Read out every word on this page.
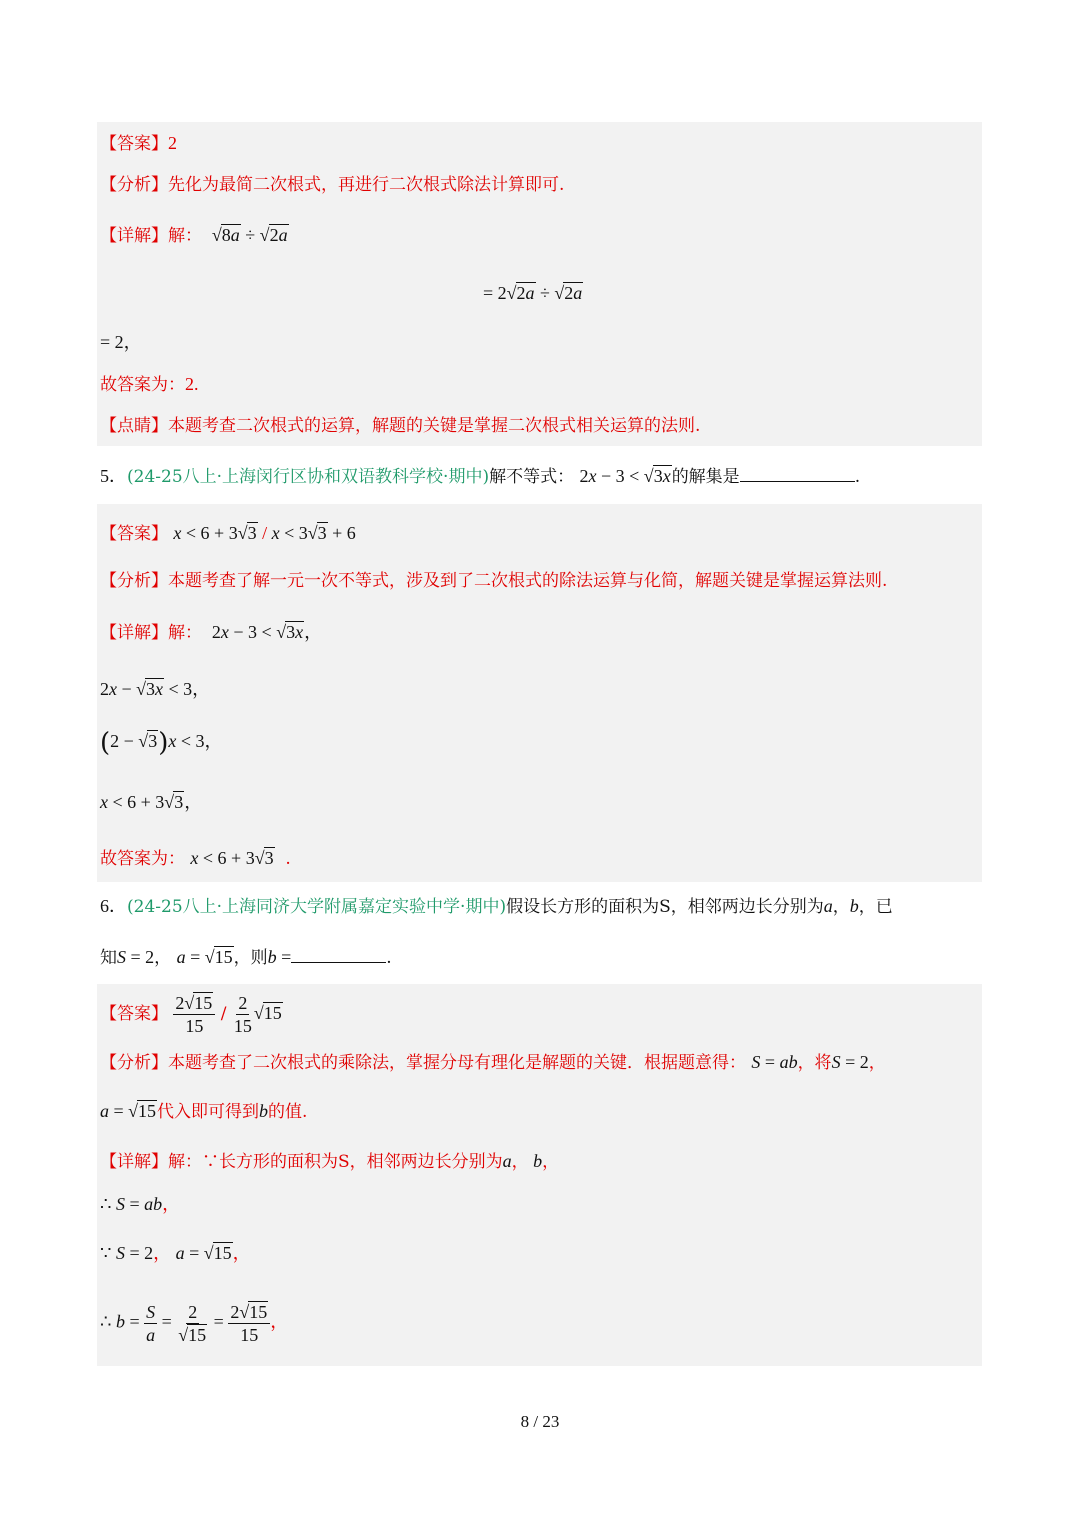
【答案】2
【分析】先化为最简二次根式，再进行二次根式除法计算即可.
【详解】解：  √8a ÷ √2a
= 2√2a ÷ √2a
= 2，
故答案为：2.
【点睛】本题考查二次根式的运算，解题的关键是掌握二次根式相关运算的法则.
5．(24-25八上·上海闵行区协和双语教科学校·期中)解不等式： 2x − 3 < √3x的解集是	.
【答案】 x < 6 + 3√3 / x < 3√3 + 6
【分析】本题考查了解一元一次不等式，涉及到了二次根式的除法运算与化简，解题关键是掌握运算法则.
【详解】解：  2x − 3 < √3x，
2x − √3x < 3，
(2 − √3)x < 3，
x < 6 + 3√3，
故答案为： x < 6 + 3√3  .
6．(24-25八上·上海同济大学附属嘉定实验中学·期中)假设长方形的面积为S，相邻两边长分别为a，b，已
知S = 2， a = √15，则b =	.
【答案】 $\frac{2√15}{15} / \frac{2}{15} √15$
【分析】本题考查了二次根式的乘除法，掌握分母有理化是解题的关键．根据题意得： S = ab，将S = 2，
a = √15代入即可得到b的值.
【详解】解：∵长方形的面积为S，相邻两边长分别为a， b，
∴ S = ab，
∵ S = 2， a = √15，
∴ $b = \frac{S}{a} = \frac{2}{√15} = \frac{2√15}{15}$ ，
8 / 23
